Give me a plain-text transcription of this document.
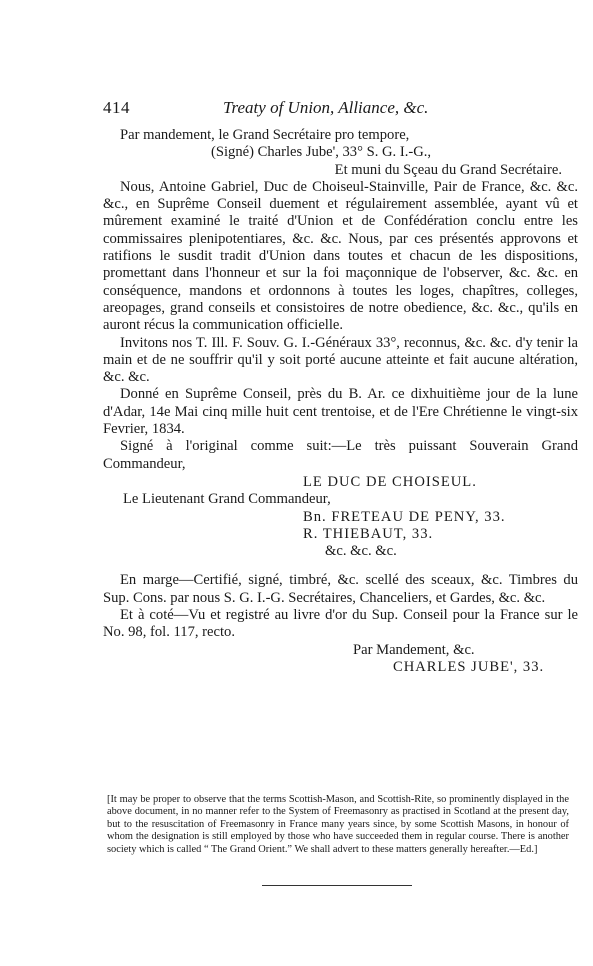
414	Treaty of Union, Alliance, &c.

Par mandement, le Grand Secrétaire pro tempore,

(Signé) Charles Jube', 33° S. G. I.-G.,

Et muni du Sçeau du Grand Secrétaire.

Nous, Antoine Gabriel, Duc de Choiseul-Stainville, Pair de France, &c. &c. &c., en Suprême Conseil duement et régulairement assemblée, ayant vû et mûrement examiné le traité d'Union et de Confédération conclu entre les commissaires plenipotentiares, &c. &c. Nous, par ces présentés approvons et ratifions le susdit tradit d'Union dans toutes et chacun de les dispositions, promettant dans l'honneur et sur la foi maçonnique de l'observer, &c. &c. en conséquence, mandons et ordonnons à toutes les loges, chapîtres, colleges, areopages, grand conseils et consistoires de notre obedience, &c. &c., qu'ils en auront récus la communication officielle.

Invitons nos T. Ill. F. Souv. G. I.-Généraux 33°, reconnus, &c. &c. d'y tenir la main et de ne souffrir qu'il y soit porté aucune atteinte et fait aucune altération, &c. &c.

Donné en Suprême Conseil, près du B. Ar. ce dixhuitième jour de la lune d'Adar, 14e Mai cinq mille huit cent trentoise, et de l'Ere Chrétienne le vingt-six Fevrier, 1834.

Signé à l'original comme suit:—Le très puissant Souverain Grand Commandeur,

LE DUC DE CHOISEUL.

Le Lieutenant Grand Commandeur,

Bn. FRETEAU DE PENY, 33.

R. THIEBAUT, 33.

&c. &c. &c.

En marge—Certifié, signé, timbré, &c. scellé des sceaux, &c. Timbres du Sup. Cons. par nous S. G. I.-G. Secrétaires, Chanceliers, et Gardes, &c. &c.

Et à coté—Vu et registré au livre d'or du Sup. Conseil pour la France sur le No. 98, fol. 117, recto.

Par Mandement, &c.

CHARLES JUBE', 33.

[It may be proper to observe that the terms Scottish-Mason, and Scottish-Rite, so prominently displayed in the above document, in no manner refer to the System of Freemasonry as practised in Scotland at the present day, but to the resuscitation of Freemasonry in France many years since, by some Scottish Masons, in honour of whom the designation is still employed by those who have succeeded them in regular course. There is another society which is called “ The Grand Orient.” We shall advert to these matters generally hereafter.—Ed.]
